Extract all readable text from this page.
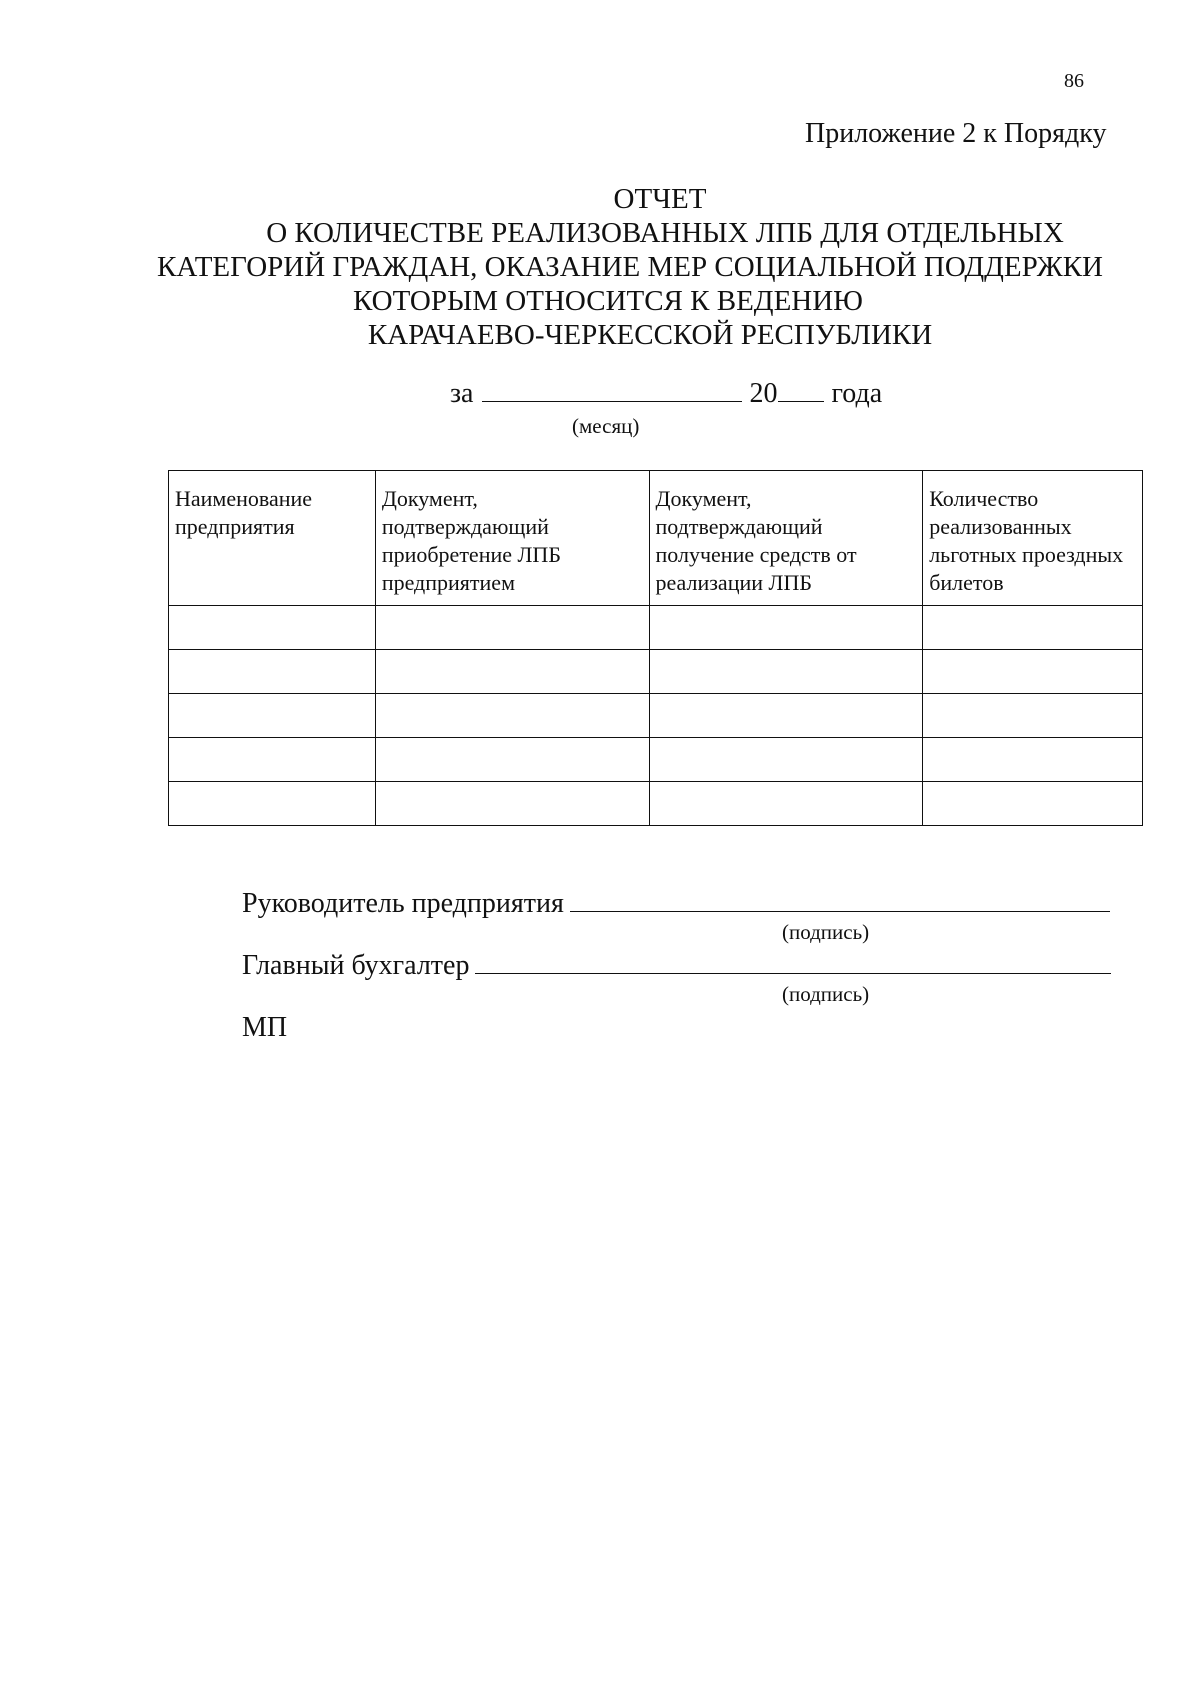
86
Приложение 2 к Порядку
ОТЧЕТ
О КОЛИЧЕСТВЕ РЕАЛИЗОВАННЫХ ЛПБ ДЛЯ ОТДЕЛЬНЫХ
КАТЕГОРИЙ ГРАЖДАН, ОКАЗАНИЕ МЕР СОЦИАЛЬНОЙ ПОДДЕРЖКИ
КОТОРЫМ ОТНОСИТСЯ К ВЕДЕНИЮ
КАРАЧАЕВО-ЧЕРКЕССКОЙ РЕСПУБЛИКИ
за	20 года
(месяц)
Наименование предприятия	Документ, подтверждающий приобретение ЛПБ предприятием	Документ, подтверждающий получение средств от реализации ЛПБ	Количество реализованных льготных проездных билетов

Руководитель предприятия
(подпись)
Главный бухгалтер
(подпись)
МП
